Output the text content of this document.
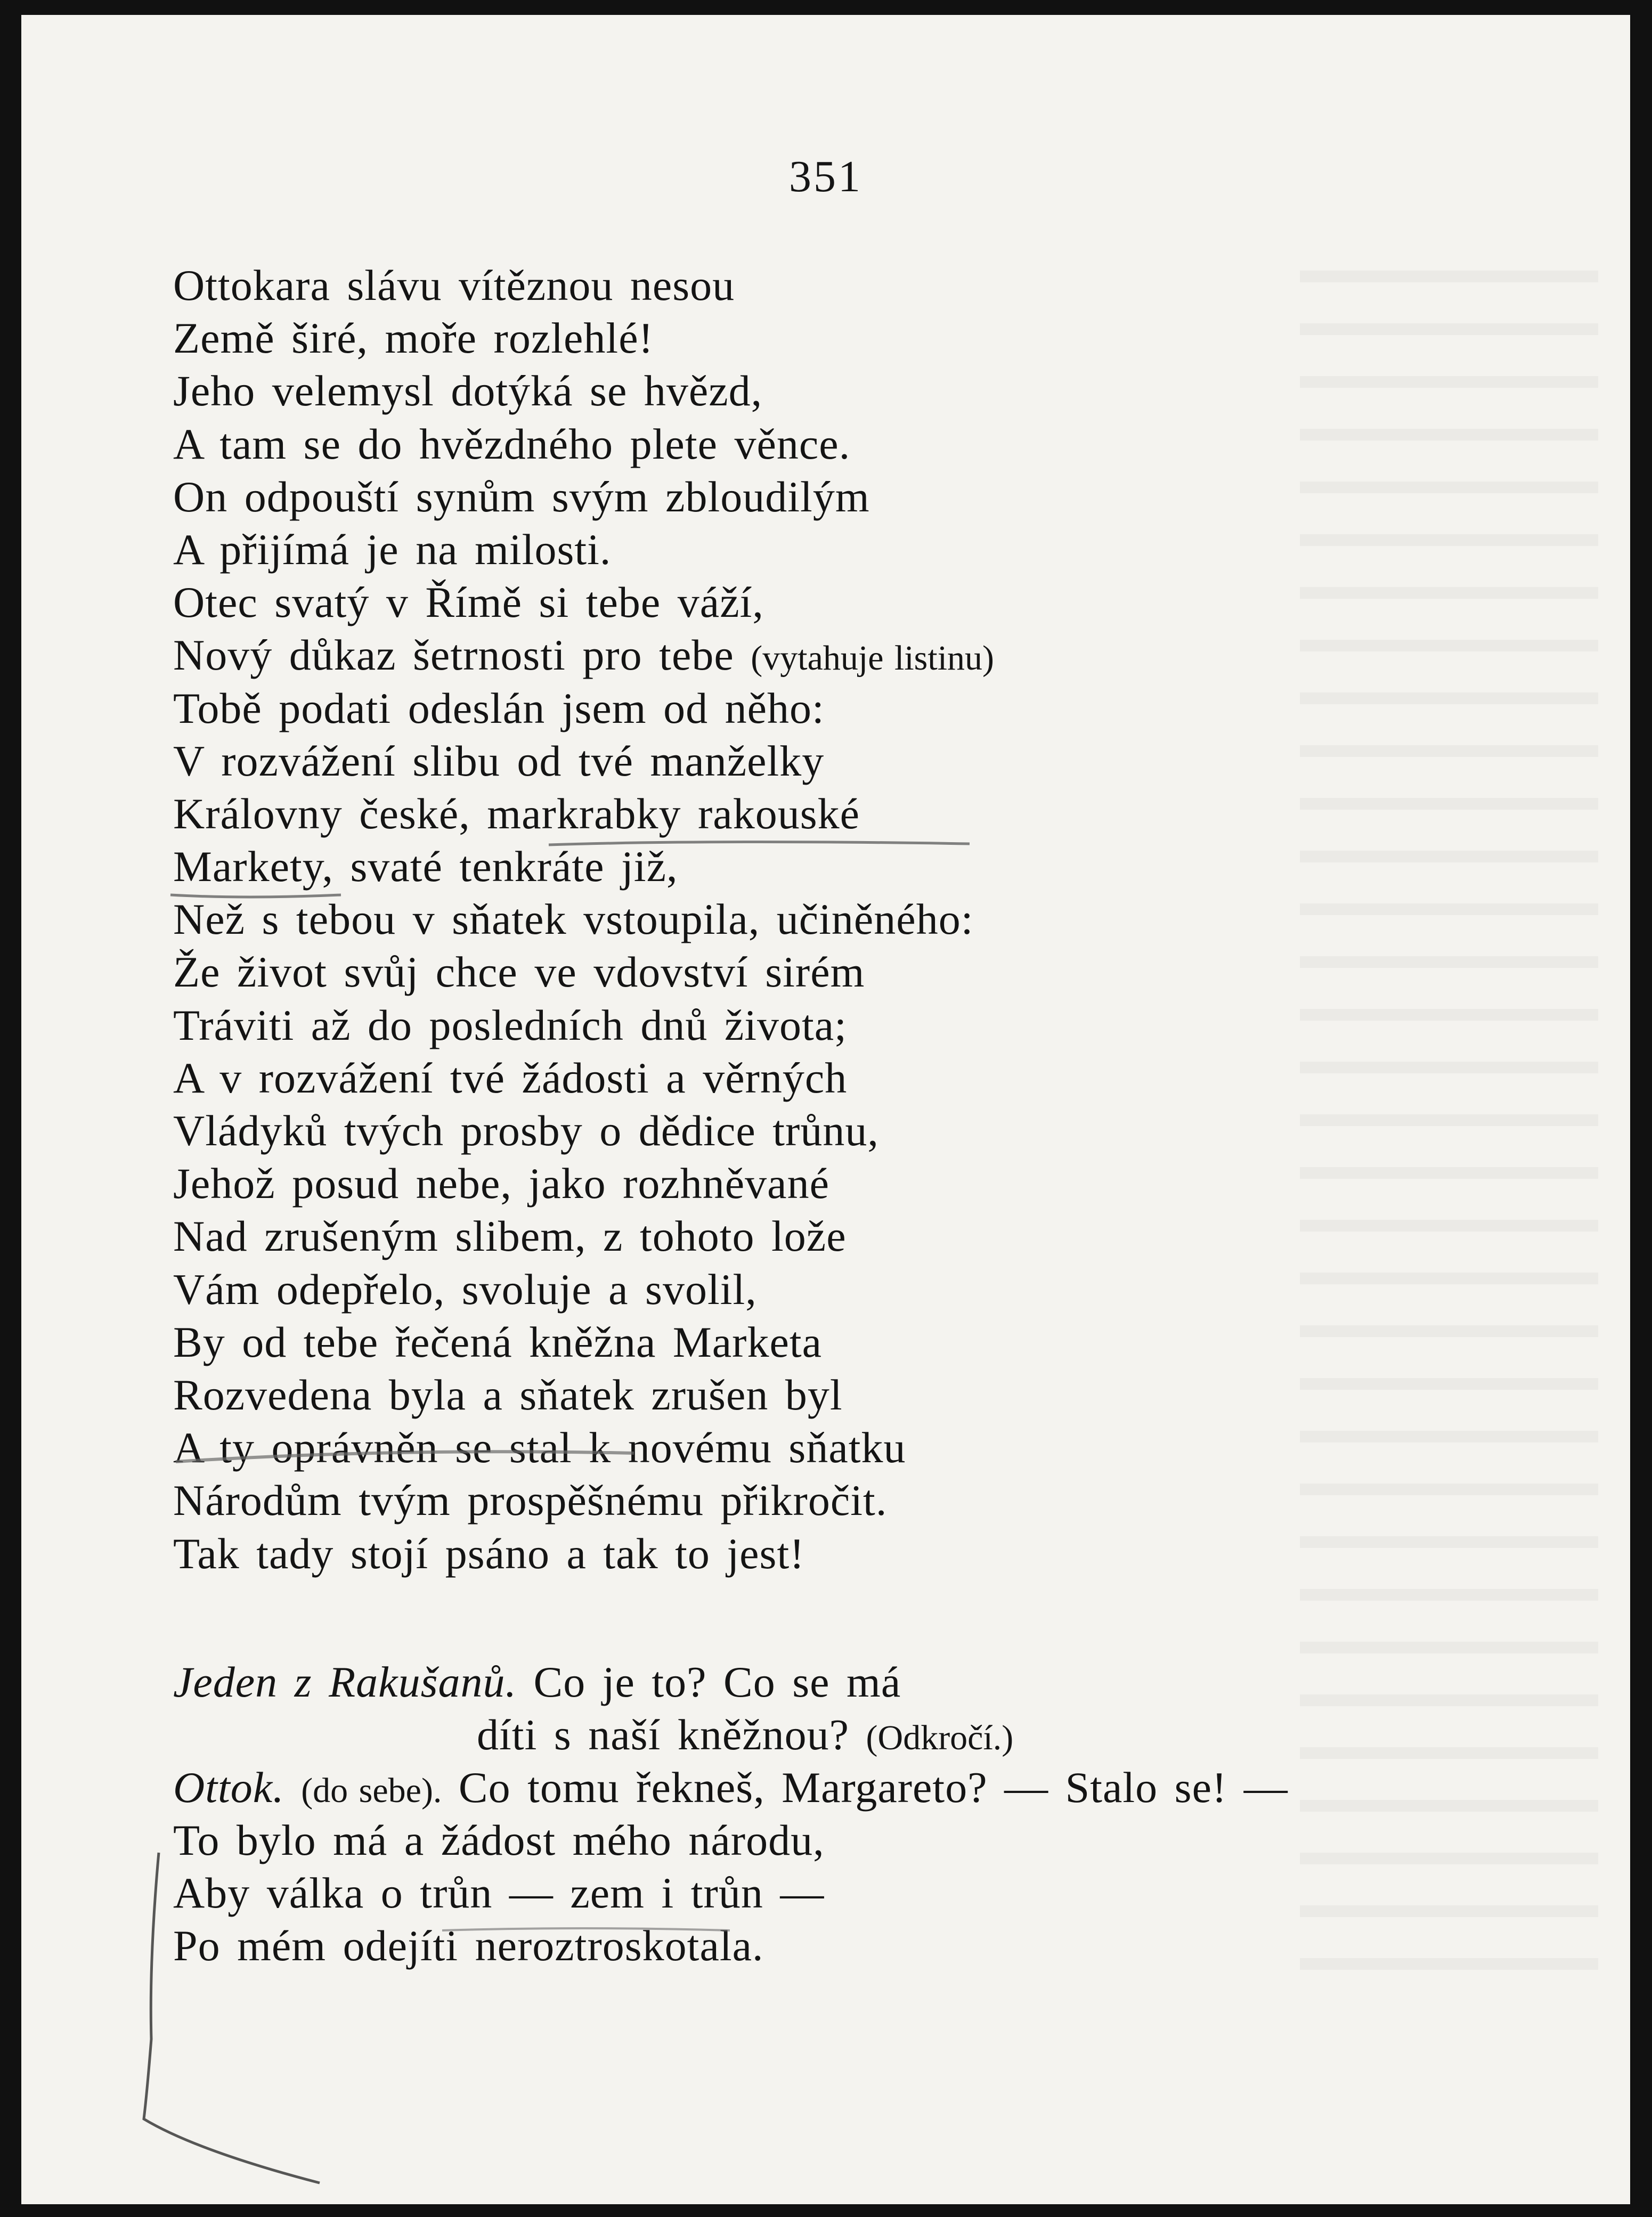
351
Ottokara slávu vítěznou nesou
Země širé, moře rozlehlé!
Jeho velemysl dotýká se hvězd,
A tam se do hvězdného plete věnce.
On odpouští synům svým zbloudilým
A přijímá je na milosti.
Otec svatý v Římě si tebe váží,
Nový důkaz šetrnosti pro tebe (vytahuje listinu)
Tobě podati odeslán jsem od něho:
V rozvážení slibu od tvé manželky
Královny české, markrabky rakouské
Markety, svaté tenkráte již,
Než s tebou v sňatek vstoupila, učiněného:
Že život svůj chce ve vdovství sirém
Tráviti až do posledních dnů života;
A v rozvážení tvé žádosti a věrných
Vládyků tvých prosby o dědice trůnu,
Jehož posud nebe, jako rozhněvané
Nad zrušeným slibem, z tohoto lože
Vám odepřelo, svoluje a svolil,
By od tebe řečená kněžna Marketa
Rozvedena byla a sňatek zrušen byl
A ty oprávněn se stal k novému sňatku
Národům tvým prospěšnému přikročit.
Tak tady stojí psáno a tak to jest!
Jeden z Rakušanů. Co je to? Co se má
díti s naší kněžnou? (Odkročí.)
Ottok. (do sebe). Co tomu řekneš, Margareto? — Stalo se! —
To bylo má a žádost mého národu,
Aby válka o trůn — zem i trůn —
Po mém odejíti neroztroskotala.
